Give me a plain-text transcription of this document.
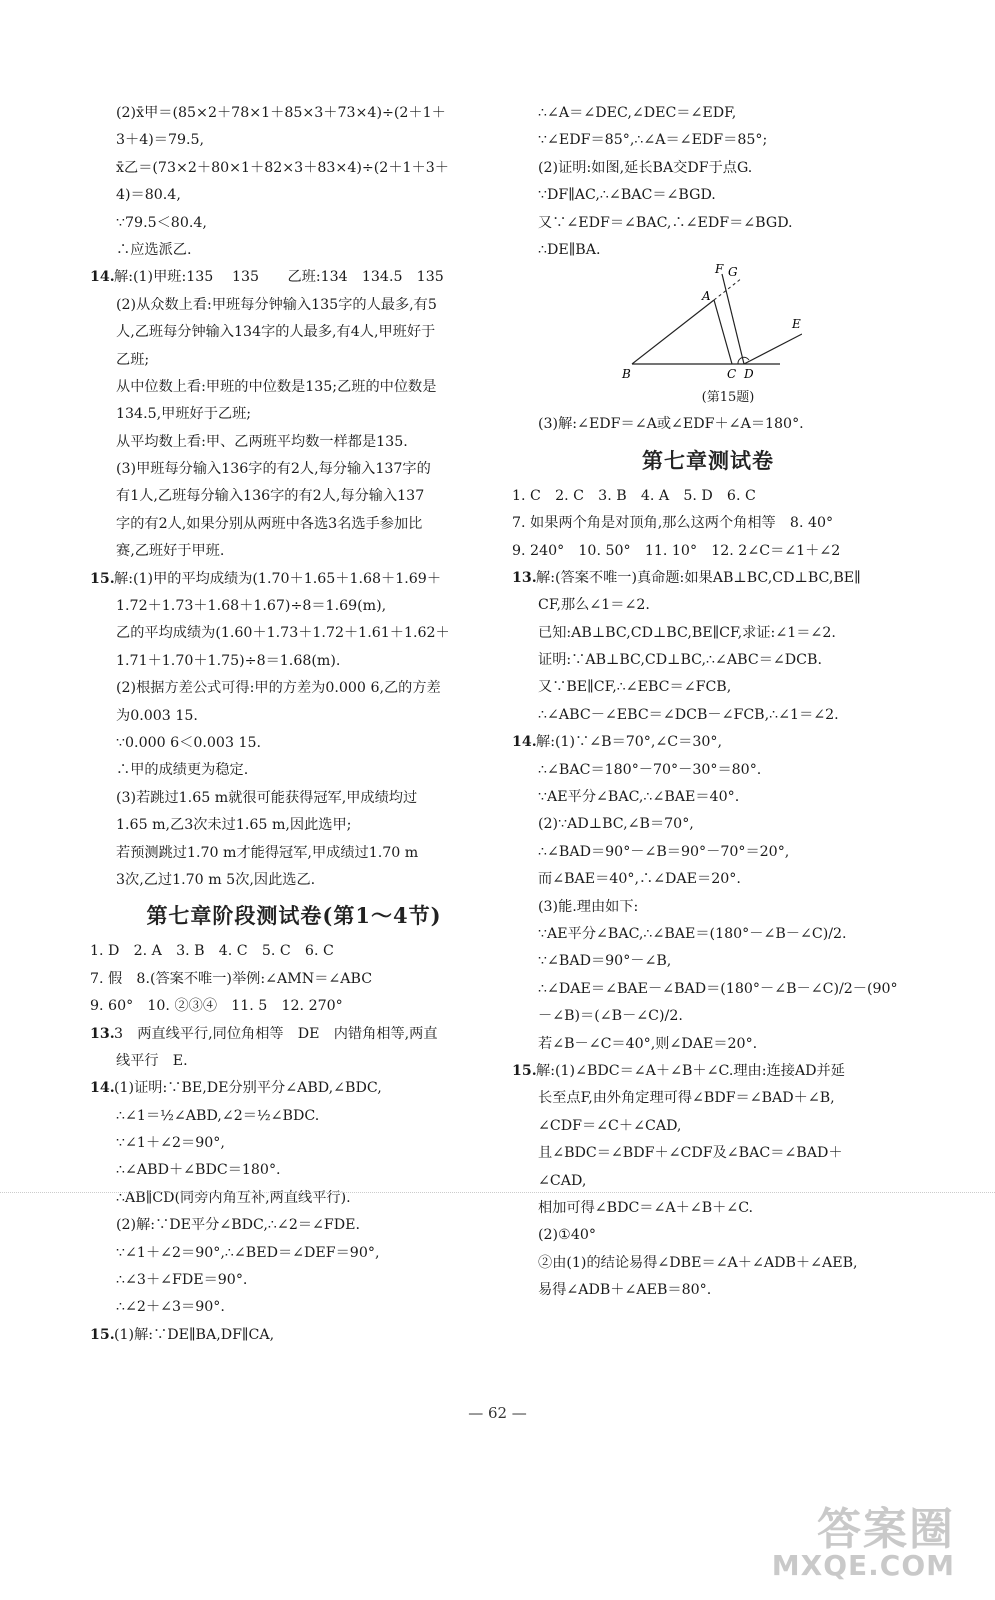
(2)x̄甲＝(85×2＋78×1＋85×3＋73×4)÷(2＋1＋
3＋4)＝79.5,
x̄乙＝(73×2＋80×1＋82×3＋83×4)÷(2＋1＋3＋
4)＝80.4,
∵79.5＜80.4,
∴应选派乙.
14.解:(1)甲班:135　 135　　乙班:134　134.5　135
(2)从众数上看:甲班每分钟输入135字的人最多,有5
人,乙班每分钟输入134字的人最多,有4人,甲班好于
乙班;
从中位数上看:甲班的中位数是135;乙班的中位数是
134.5,甲班好于乙班;
从平均数上看:甲、乙两班平均数一样都是135.
(3)甲班每分输入136字的有2人,每分输入137字的
有1人,乙班每分输入136字的有2人,每分输入137
字的有2人,如果分别从两班中各选3名选手参加比
赛,乙班好于甲班.
15.解:(1)甲的平均成绩为(1.70＋1.65＋1.68＋1.69＋
1.72＋1.73＋1.68＋1.67)÷8＝1.69(m),
乙的平均成绩为(1.60＋1.73＋1.72＋1.61＋1.62＋
1.71＋1.70＋1.75)÷8＝1.68(m).
(2)根据方差公式可得:甲的方差为0.000 6,乙的方差
为0.003 15.
∵0.000 6＜0.003 15.
∴甲的成绩更为稳定.
(3)若跳过1.65 m就很可能获得冠军,甲成绩均过
1.65 m,乙3次未过1.65 m,因此选甲;
若预测跳过1.70 m才能得冠军,甲成绩过1.70 m
3次,乙过1.70 m 5次,因此选乙.
第七章阶段测试卷(第1～4节)
1. D　2. A　3. B　4. C　5. C　6. C
7. 假　8.(答案不唯一)举例:∠AMN＝∠ABC
9. 60°　10. ②③④　11. 5　12. 270°
13.3　两直线平行,同位角相等　DE　内错角相等,两直
线平行　E.
14.(1)证明:∵BE,DE分别平分∠ABD,∠BDC,
∴∠1＝½∠ABD,∠2＝½∠BDC.
∵∠1＋∠2＝90°,
∴∠ABD＋∠BDC＝180°.
∴AB∥CD(同旁内角互补,两直线平行).
(2)解:∵DE平分∠BDC,∴∠2＝∠FDE.
∵∠1＋∠2＝90°,∴∠BED＝∠DEF＝90°,
∴∠3＋∠FDE＝90°.
∴∠2＋∠3＝90°.
15.(1)解:∵DE∥BA,DF∥CA,
∴∠A＝∠DEC,∠DEC＝∠EDF,
∵∠EDF＝85°,∴∠A＝∠EDF＝85°;
(2)证明:如图,延长BA交DF于点G.
∵DF∥AC,∴∠BAC＝∠BGD.
又∵∠EDF＝∠BAC,∴∠EDF＝∠BGD.
∴DE∥BA.
F G
A
E
B	C D
(第15题)
(3)解:∠EDF＝∠A或∠EDF＋∠A＝180°.
第七章测试卷
1. C　2. C　3. B　4. A　5. D　6. C
7. 如果两个角是对顶角,那么这两个角相等　8. 40°
9. 240°　10. 50°　11. 10°　12. 2∠C＝∠1＋∠2
13.解:(答案不唯一)真命题:如果AB⊥BC,CD⊥BC,BE∥
CF,那么∠1＝∠2.
已知:AB⊥BC,CD⊥BC,BE∥CF,求证:∠1＝∠2.
证明:∵AB⊥BC,CD⊥BC,∴∠ABC＝∠DCB.
又∵BE∥CF,∴∠EBC＝∠FCB,
∴∠ABC－∠EBC＝∠DCB－∠FCB,∴∠1＝∠2.
14.解:(1)∵∠B＝70°,∠C＝30°,
∴∠BAC＝180°－70°－30°＝80°.
∵AE平分∠BAC,∴∠BAE＝40°.
(2)∵AD⊥BC,∠B＝70°,
∴∠BAD＝90°－∠B＝90°－70°＝20°,
而∠BAE＝40°,∴∠DAE＝20°.
(3)能.理由如下:
∵AE平分∠BAC,∴∠BAE＝(180°－∠B－∠C)/2.
∵∠BAD＝90°－∠B,
∴∠DAE＝∠BAE－∠BAD＝(180°－∠B－∠C)/2－(90°
－∠B)＝(∠B－∠C)/2.
若∠B－∠C＝40°,则∠DAE＝20°.
15.解:(1)∠BDC＝∠A＋∠B＋∠C.理由:连接AD并延
长至点F,由外角定理可得∠BDF＝∠BAD＋∠B,
∠CDF＝∠C＋∠CAD,
且∠BDC＝∠BDF＋∠CDF及∠BAC＝∠BAD＋
∠CAD,
相加可得∠BDC＝∠A＋∠B＋∠C.
(2)①40°
②由(1)的结论易得∠DBE＝∠A＋∠ADB＋∠AEB,
易得∠ADB＋∠AEB＝80°.
— 62 —
答案圈
MXQE.COM
